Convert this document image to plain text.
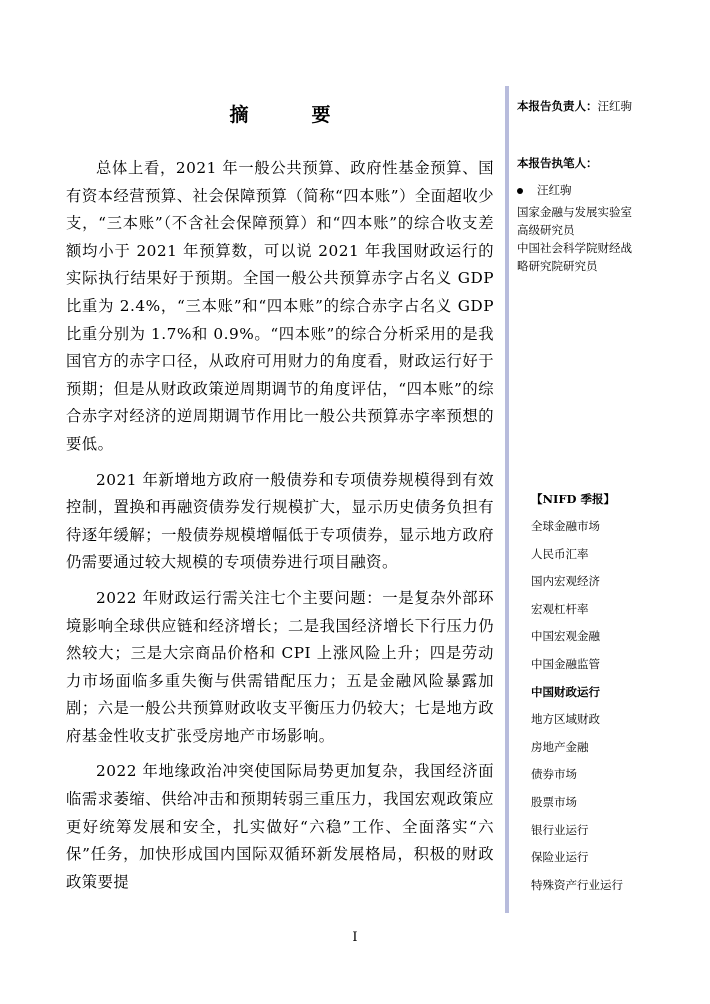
摘　要

总体上看，2021 年一般公共预算、政府性基金预算、国有资本经营预算、社会保障预算（简称“四本账”）全面超收少支，“三本账”（不含社会保障预算）和“四本账”的综合收支差额均小于 2021 年预算数，可以说 2021 年我国财政运行的实际执行结果好于预期。全国一般公共预算赤字占名义 GDP 比重为 2.4%，“三本账”和“四本账”的综合赤字占名义 GDP 比重分别为 1.7%和 0.9%。“四本账”的综合分析采用的是我国官方的赤字口径，从政府可用财力的角度看，财政运行好于预期；但是从财政政策逆周期调节的角度评估，“四本账”的综合赤字对经济的逆周期调节作用比一般公共预算赤字率预想的要低。

2021 年新增地方政府一般债券和专项债券规模得到有效控制，置换和再融资债券发行规模扩大，显示历史债务负担有待逐年缓解；一般债券规模增幅低于专项债券，显示地方政府仍需要通过较大规模的专项债券进行项目融资。

2022 年财政运行需关注七个主要问题：一是复杂外部环境影响全球供应链和经济增长；二是我国经济增长下行压力仍然较大；三是大宗商品价格和 CPI 上涨风险上升；四是劳动力市场面临多重失衡与供需错配压力；五是金融风险暴露加剧；六是一般公共预算财政收支平衡压力仍较大；七是地方政府基金性收支扩张受房地产市场影响。

2022 年地缘政治冲突使国际局势更加复杂，我国经济面临需求萎缩、供给冲击和预期转弱三重压力，我国宏观政策应更好统筹发展和安全，扎实做好“六稳”工作、全面落实“六保”任务，加快形成国内国际双循环新发展格局，积极的财政政策要提

本报告负责人：汪红驹
本报告执笔人：
汪红驹
国家金融与发展实验室
高级研究员
中国社会科学院财经战
略研究院研究员
【NIFD 季报】
全球金融市场
人民币汇率
国内宏观经济
宏观杠杆率
中国宏观金融
中国金融监管
中国财政运行
地方区域财政
房地产金融
债券市场
股票市场
银行业运行
保险业运行
特殊资产行业运行
I
